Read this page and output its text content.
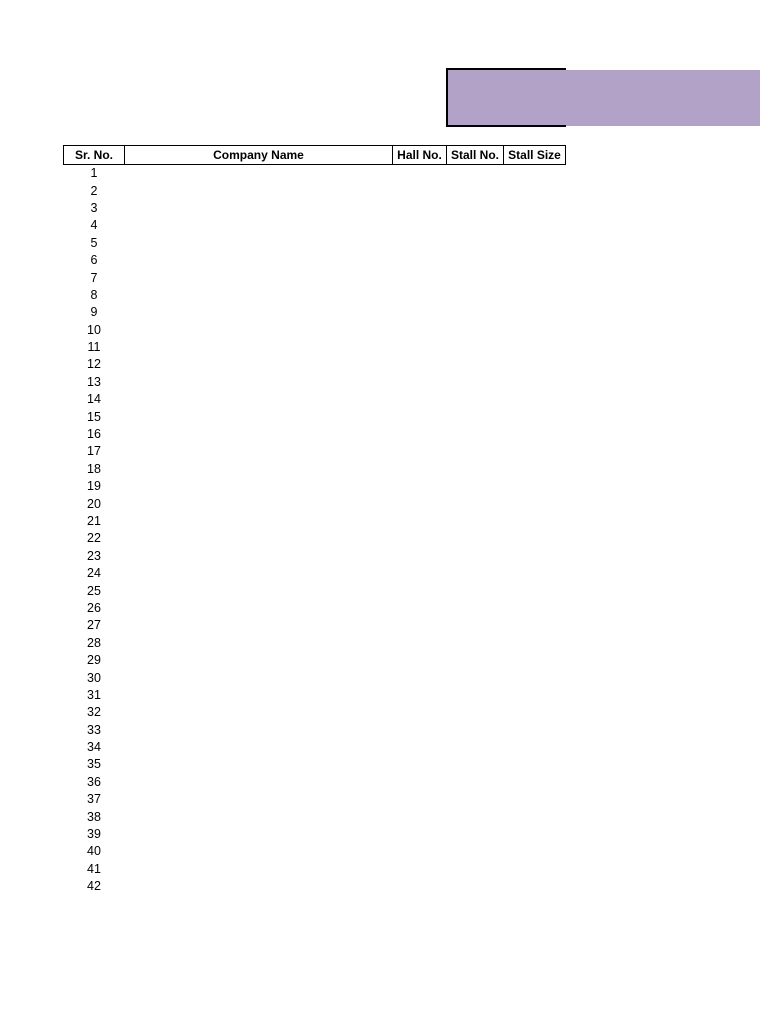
Sr. No.	Company Name	Hall No.	Stall No.	Stall Size
1				
2				
3				
4				
5				
6				
7				
8				
9				
10				
11				
12				
13				
14				
15				
16				
17				
18				
19				
20				
21				
22				
23				
24				
25				
26				
27				
28				
29				
30				
31				
32				
33				
34				
35				
36				
37				
38				
39				
40				
41				
42				
